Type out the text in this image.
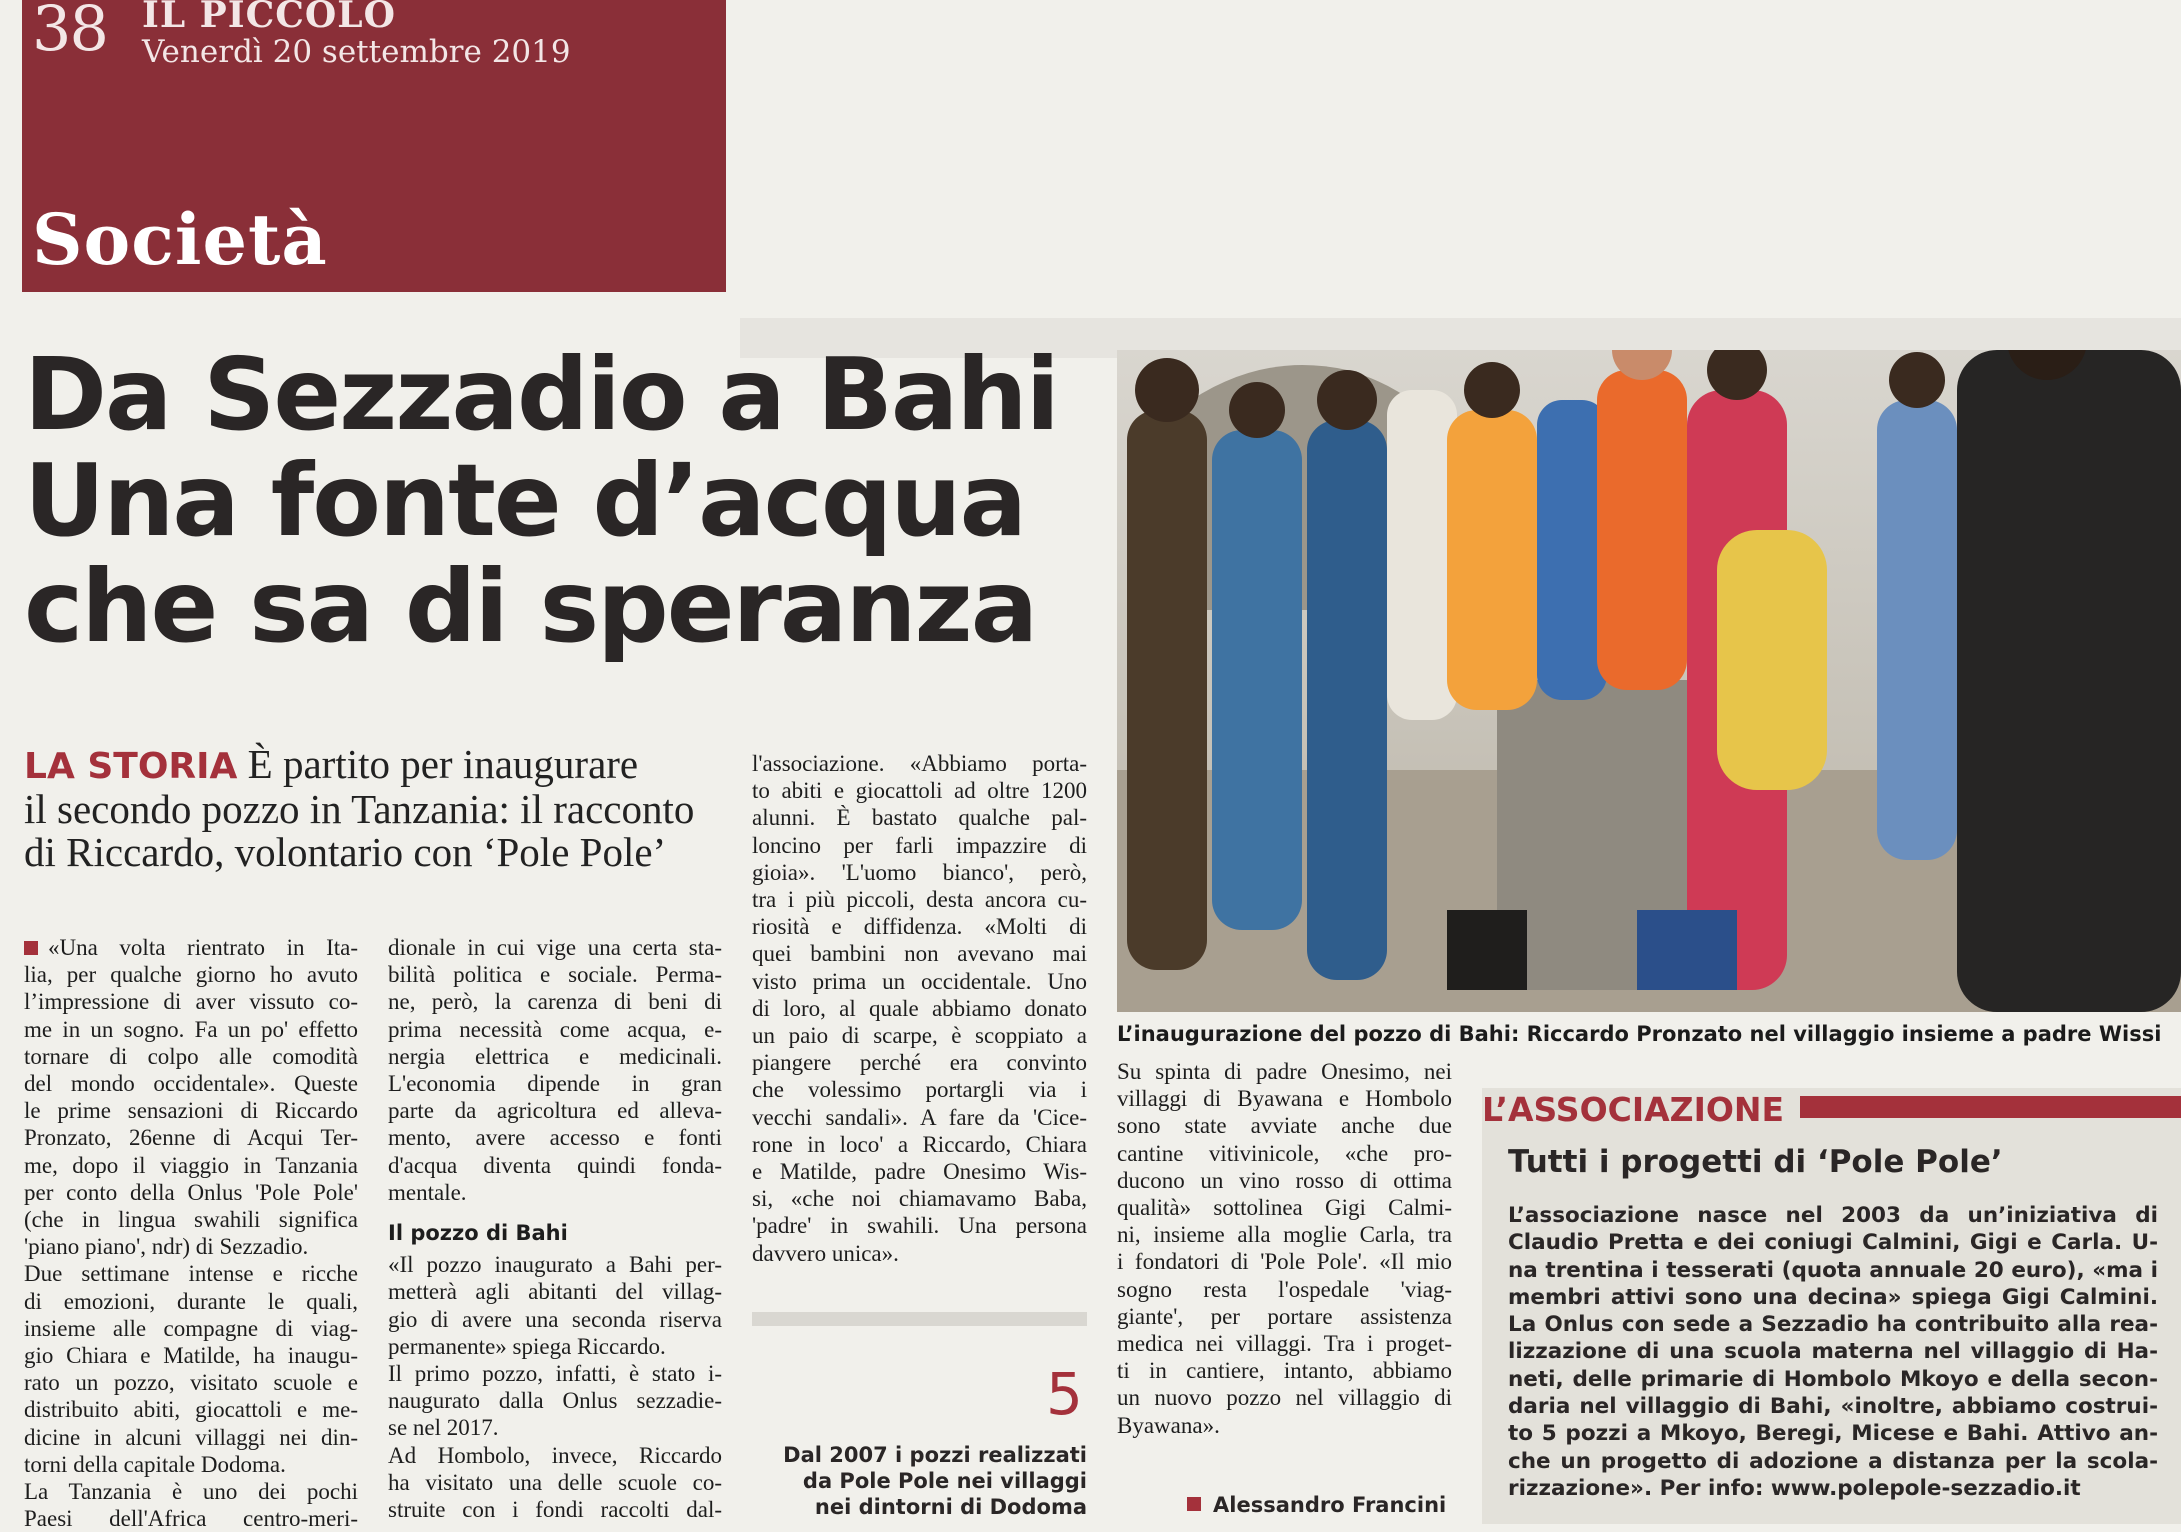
38 IL PICCOLO
Venerdì 20 settembre 2019
Società
Da Sezzadio a Bahi
Una fonte d’acqua
che sa di speranza
LA STORIA È partito per inaugurare
il secondo pozzo in Tanzania: il racconto
di Riccardo, volontario con ‘Pole Pole’
L’inaugurazione del pozzo di Bahi: Riccardo Pronzato nel villaggio insieme a padre Wissi
«Una volta rientrato in Ita-
lia, per qualche giorno ho avuto
l’impressione di aver vissuto co-
me in un sogno. Fa un po' effetto
tornare di colpo alle comodità
del mondo occidentale». Queste
le prime sensazioni di Riccardo
Pronzato, 26enne di Acqui Ter-
me, dopo il viaggio in Tanzania
per conto della Onlus 'Pole Pole'
(che in lingua swahili significa
'piano piano', ndr) di Sezzadio.
Due settimane intense e ricche
di emozioni, durante le quali,
insieme alle compagne di viag-
gio Chiara e Matilde, ha inaugu-
rato un pozzo, visitato scuole e
distribuito abiti, giocattoli e me-
dicine in alcuni villaggi nei din-
torni della capitale Dodoma.
La Tanzania è uno dei pochi
Paesi dell'Africa centro-meri-
dionale in cui vige una certa sta-
bilità politica e sociale. Perma-
ne, però, la carenza di beni di
prima necessità come acqua, e-
nergia elettrica e medicinali.
L'economia dipende in gran
parte da agricoltura ed alleva-
mento, avere accesso e fonti
d'acqua diventa quindi fonda-
mentale.
Il pozzo di Bahi
«Il pozzo inaugurato a Bahi per-
metterà agli abitanti del villag-
gio di avere una seconda riserva
permanente» spiega Riccardo.
Il primo pozzo, infatti, è stato i-
naugurato dalla Onlus sezzadie-
se nel 2017.
Ad Hombolo, invece, Riccardo
ha visitato una delle scuole co-
struite con i fondi raccolti dal-
l'associazione. «Abbiamo porta-
to abiti e giocattoli ad oltre 1200
alunni. È bastato qualche pal-
loncino per farli impazzire di
gioia». 'L'uomo bianco', però,
tra i più piccoli, desta ancora cu-
riosità e diffidenza. «Molti di
quei bambini non avevano mai
visto prima un occidentale. Uno
di loro, al quale abbiamo donato
un paio di scarpe, è scoppiato a
piangere perché era convinto
che volessimo portargli via i
vecchi sandali». A fare da 'Cice-
rone in loco' a Riccardo, Chiara
e Matilde, padre Onesimo Wis-
si, «che noi chiamavamo Baba,
'padre' in swahili. Una persona
davvero unica».
5
Dal 2007 i pozzi realizzati
da Pole Pole nei villaggi
nei dintorni di Dodoma
Su spinta di padre Onesimo, nei
villaggi di Byawana e Hombolo
sono state avviate anche due
cantine vitivinicole, «che pro-
ducono un vino rosso di ottima
qualità» sottolinea Gigi Calmi-
ni, insieme alla moglie Carla, tra
i fondatori di 'Pole Pole'. «Il mio
sogno resta l'ospedale 'viag-
giante', per portare assistenza
medica nei villaggi. Tra i proget-
ti in cantiere, intanto, abbiamo
un nuovo pozzo nel villaggio di
Byawana».
Alessandro Francini
L’ASSOCIAZIONE
Tutti i progetti di ‘Pole Pole’
L’associazione nasce nel 2003 da un’iniziativa di
Claudio Pretta e dei coniugi Calmini, Gigi e Carla. U-
na trentina i tesserati (quota annuale 20 euro), «ma i
membri attivi sono una decina» spiega Gigi Calmini.
La Onlus con sede a Sezzadio ha contribuito alla rea-
lizzazione di una scuola materna nel villaggio di Ha-
neti, delle primarie di Hombolo Mkoyo e della secon-
daria nel villaggio di Bahi, «inoltre, abbiamo costrui-
to 5 pozzi a Mkoyo, Beregi, Micese e Bahi. Attivo an-
che un progetto di adozione a distanza per la scola-
rizzazione». Per info: www.polepole-sezzadio.it
